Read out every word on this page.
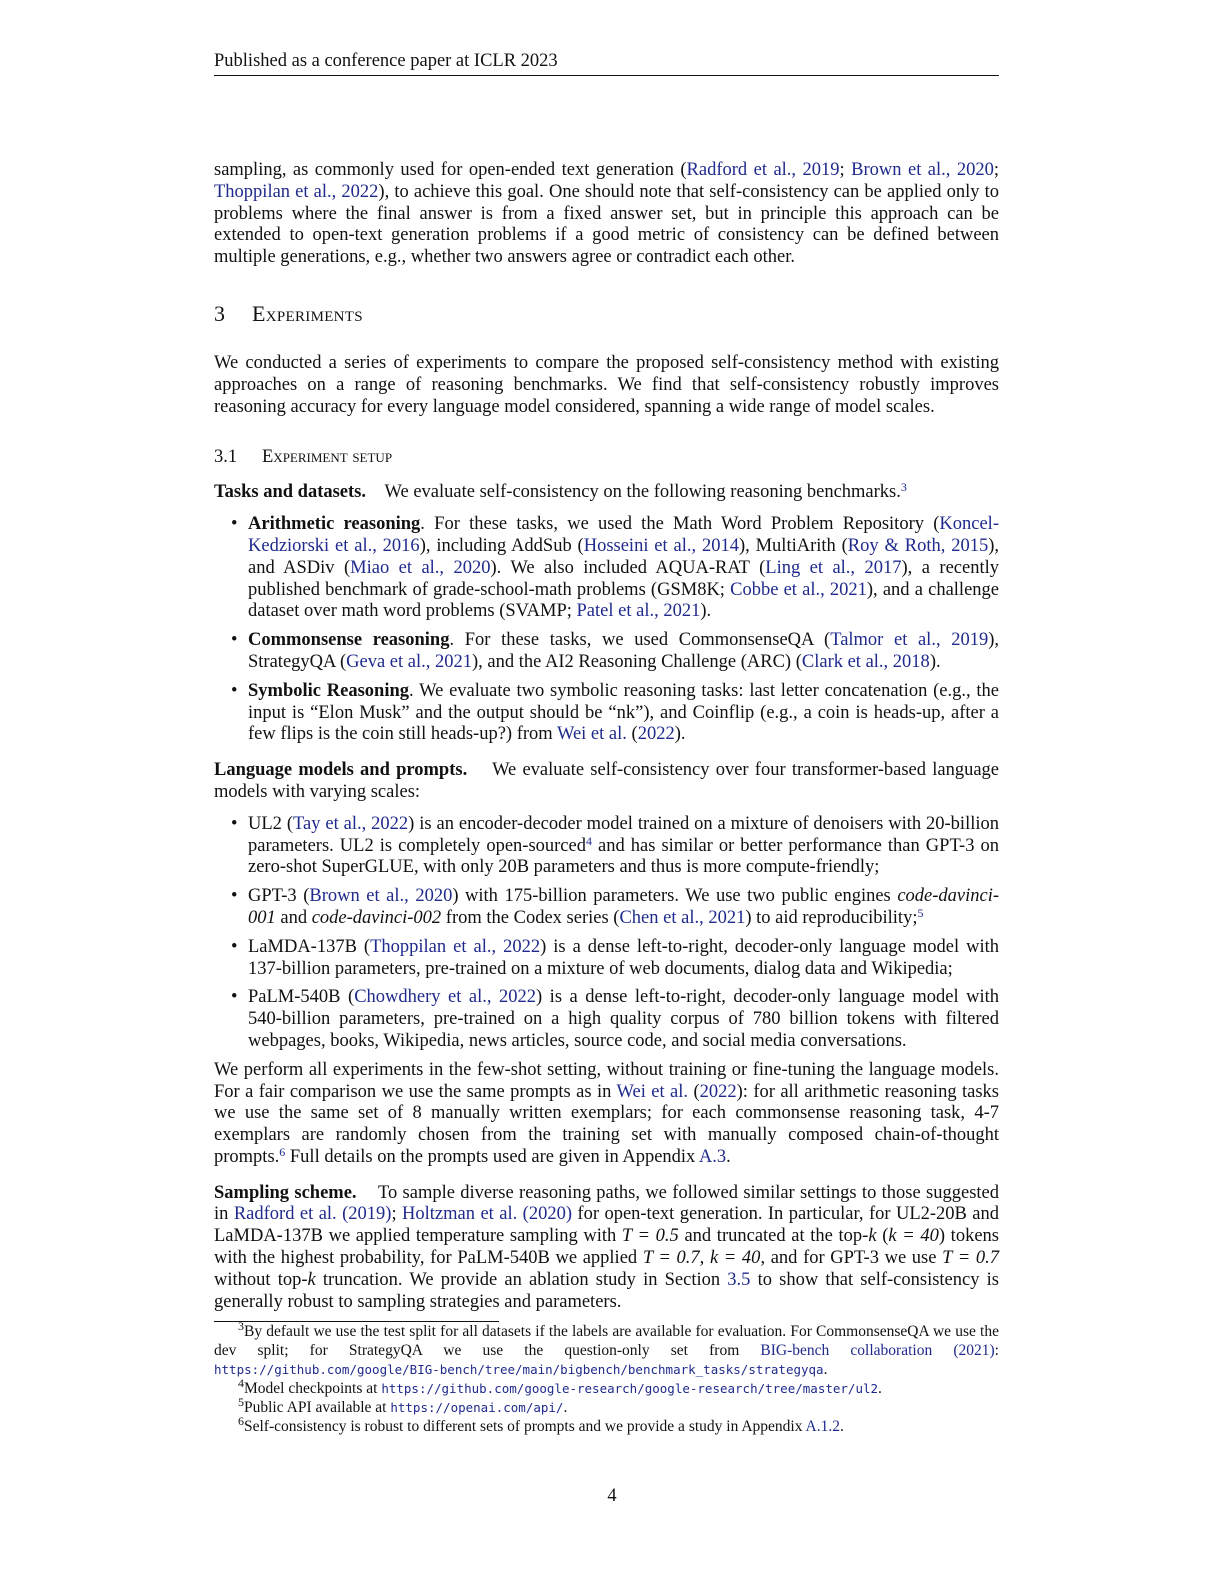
Published as a conference paper at ICLR 2023

sampling, as commonly used for open-ended text generation (Radford et al., 2019; Brown et al., 2020; Thoppilan et al., 2022), to achieve this goal. One should note that self-consistency can be applied only to problems where the final answer is from a fixed answer set, but in principle this approach can be extended to open-text generation problems if a good metric of consistency can be defined between multiple generations, e.g., whether two answers agree or contradict each other.

3 Experiments

We conducted a series of experiments to compare the proposed self-consistency method with existing approaches on a range of reasoning benchmarks. We find that self-consistency robustly improves reasoning accuracy for every language model considered, spanning a wide range of model scales.

3.1 Experiment setup

Tasks and datasets. We evaluate self-consistency on the following reasoning benchmarks.$^3$

• Arithmetic reasoning. For these tasks, we used the Math Word Problem Repository (Koncel-Kedziorski et al., 2016), including AddSub (Hosseini et al., 2014), MultiArith (Roy & Roth, 2015), and ASDiv (Miao et al., 2020). We also included AQUA-RAT (Ling et al., 2017), a recently published benchmark of grade-school-math problems (GSM8K; Cobbe et al., 2021), and a challenge dataset over math word problems (SVAMP; Patel et al., 2021).
• Commonsense reasoning. For these tasks, we used CommonsenseQA (Talmor et al., 2019), StrategyQA (Geva et al., 2021), and the AI2 Reasoning Challenge (ARC) (Clark et al., 2018).
• Symbolic Reasoning. We evaluate two symbolic reasoning tasks: last letter concatenation (e.g., the input is “Elon Musk” and the output should be “nk”), and Coinflip (e.g., a coin is heads-up, after a few flips is the coin still heads-up?) from Wei et al. (2022).

Language models and prompts. We evaluate self-consistency over four transformer-based language models with varying scales:

• UL2 (Tay et al., 2022) is an encoder-decoder model trained on a mixture of denoisers with 20-billion parameters. UL2 is completely open-sourced$^4$ and has similar or better performance than GPT-3 on zero-shot SuperGLUE, with only 20B parameters and thus is more compute-friendly;
• GPT-3 (Brown et al., 2020) with 175-billion parameters. We use two public engines code-davinci-001 and code-davinci-002 from the Codex series (Chen et al., 2021) to aid reproducibility;$^5$
• LaMDA-137B (Thoppilan et al., 2022) is a dense left-to-right, decoder-only language model with 137-billion parameters, pre-trained on a mixture of web documents, dialog data and Wikipedia;
• PaLM-540B (Chowdhery et al., 2022) is a dense left-to-right, decoder-only language model with 540-billion parameters, pre-trained on a high quality corpus of 780 billion tokens with filtered webpages, books, Wikipedia, news articles, source code, and social media conversations.

We perform all experiments in the few-shot setting, without training or fine-tuning the language models. For a fair comparison we use the same prompts as in Wei et al. (2022): for all arithmetic reasoning tasks we use the same set of 8 manually written exemplars; for each commonsense reasoning task, 4-7 exemplars are randomly chosen from the training set with manually composed chain-of-thought prompts.$^6$ Full details on the prompts used are given in Appendix A.3.

Sampling scheme. To sample diverse reasoning paths, we followed similar settings to those suggested in Radford et al. (2019); Holtzman et al. (2020) for open-text generation. In particular, for UL2-20B and LaMDA-137B we applied temperature sampling with T = 0.5 and truncated at the top-k (k = 40) tokens with the highest probability, for PaLM-540B we applied T = 0.7, k = 40, and for GPT-3 we use T = 0.7 without top-k truncation. We provide an ablation study in Section 3.5 to show that self-consistency is generally robust to sampling strategies and parameters.

$^3$By default we use the test split for all datasets if the labels are available for evaluation. For CommonsenseQA we use the dev split; for StrategyQA we use the question-only set from BIG-bench collaboration (2021): https://github.com/google/BIG-bench/tree/main/bigbench/benchmark_tasks/strategyqa.

$^4$Model checkpoints at https://github.com/google-research/google-research/tree/master/ul2.

$^5$Public API available at https://openai.com/api/.

$^6$Self-consistency is robust to different sets of prompts and we provide a study in Appendix A.1.2.

4
